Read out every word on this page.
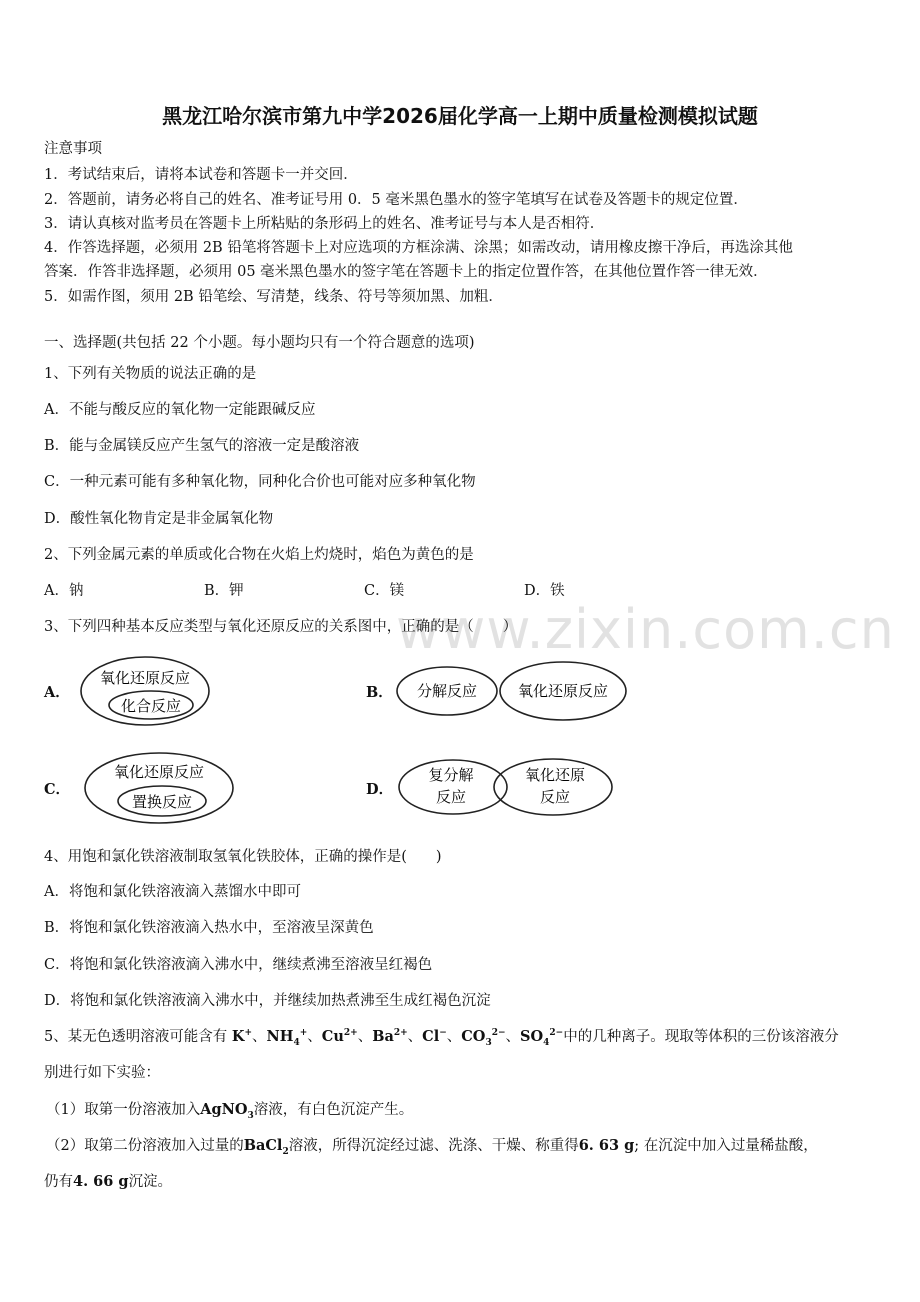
www.zixin.com.cn
黑龙江哈尔滨市第九中学2026届化学高一上期中质量检测模拟试题
注意事项
1．考试结束后，请将本试卷和答题卡一并交回．
2．答题前，请务必将自己的姓名、准考证号用 0．5 毫米黑色墨水的签字笔填写在试卷及答题卡的规定位置．
3．请认真核对监考员在答题卡上所粘贴的条形码上的姓名、准考证号与本人是否相符．
4．作答选择题，必须用 2B 铅笔将答题卡上对应选项的方框涂满、涂黑；如需改动，请用橡皮擦干净后，再选涂其他
答案．作答非选择题，必须用 05 毫米黑色墨水的签字笔在答题卡上的指定位置作答，在其他位置作答一律无效．
5．如需作图，须用 2B 铅笔绘、写清楚，线条、符号等须加黑、加粗．
一、选择题(共包括 22 个小题。每小题均只有一个符合题意的选项)
1、下列有关物质的说法正确的是
A．不能与酸反应的氧化物一定能跟碱反应
B．能与金属镁反应产生氢气的溶液一定是酸溶液
C．一种元素可能有多种氧化物，同种化合价也可能对应多种氧化物
D．酸性氧化物肯定是非金属氧化物
2、下列金属元素的单质或化合物在火焰上灼烧时，焰色为黄色的是
A．钠	B．钾	C．镁	D．铁
3、下列四种基本反应类型与氧化还原反应的关系图中，正确的是（　　）
A．
氧化还原反应
化合反应
B． 分解反应	氧化还原反应
C．
氧化还原反应
置换反应
D．
复分解
反应
氧化还原
反应
4、用饱和氯化铁溶液制取氢氧化铁胶体，正确的操作是(　　)
A．将饱和氯化铁溶液滴入蒸馏水中即可
B．将饱和氯化铁溶液滴入热水中，至溶液呈深黄色
C．将饱和氯化铁溶液滴入沸水中，继续煮沸至溶液呈红褐色
D．将饱和氯化铁溶液滴入沸水中，并继续加热煮沸至生成红褐色沉淀
5、某无色透明溶液可能含有 K+、$NH_4^+$、$Cu^{2+}$、$Ba^{2+}$、Cl−、$CO_3^{2-}$、$SO_4^{2-}$中的几种离子。现取等体积的三份该溶液分
别进行如下实验：
（1）取第一份溶液加入AgNO$_3$溶液，有白色沉淀产生。
（2）取第二份溶液加入过量的BaCl$_2$溶液，所得沉淀经过滤、洗涤、干燥、称重得6. 63 g; 在沉淀中加入过量稀盐酸，
仍有4. 66 g沉淀。
